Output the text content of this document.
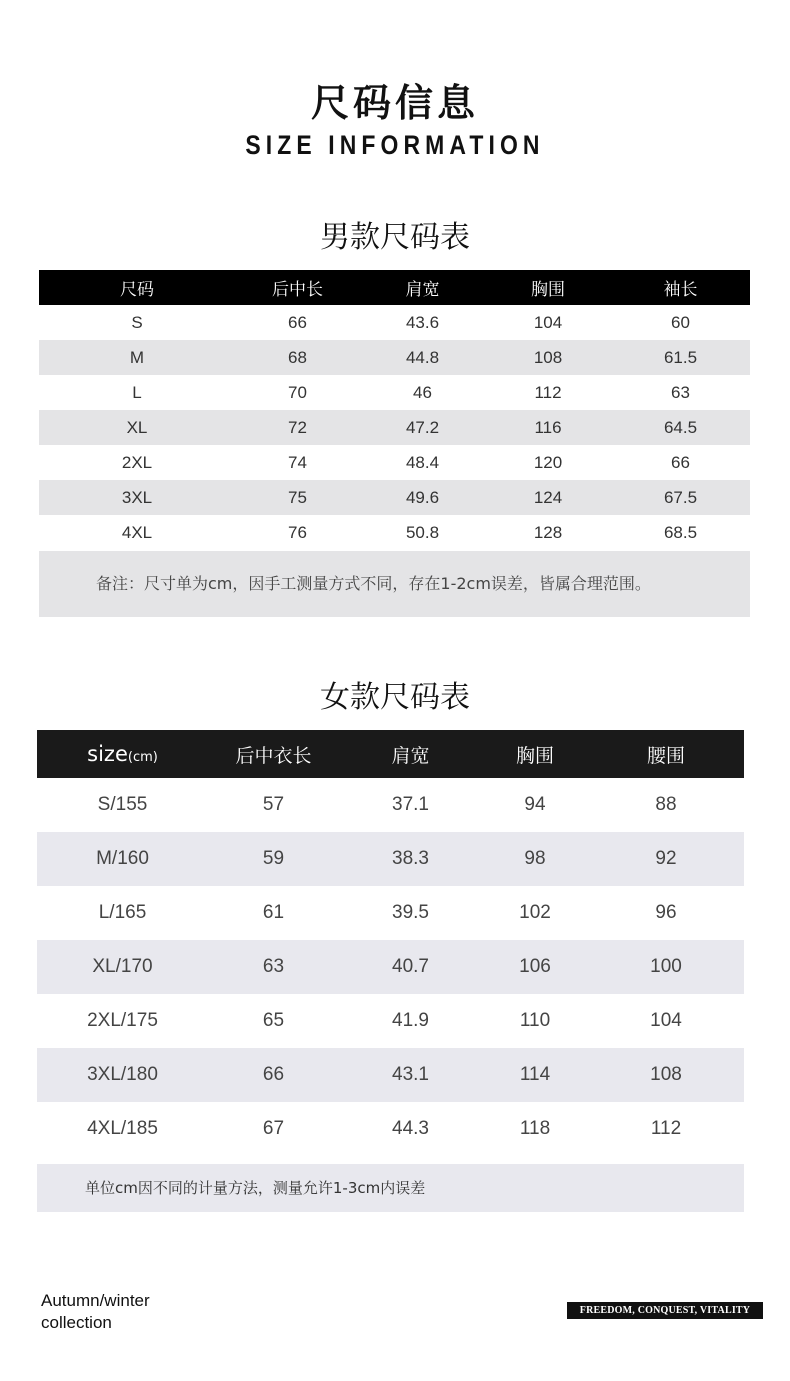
尺码信息
SIZE INFORMATION
男款尺码表
尺码	后中长	肩宽	胸围	袖长
S	66	43.6	104	60
M	68	44.8	108	61.5
L	70	46	112	63
XL	72	47.2	116	64.5
2XL	74	48.4	120	66
3XL	75	49.6	124	67.5
4XL	76	50.8	128	68.5
备注：尺寸单为cm，因手工测量方式不同，存在1-2cm误差，皆属合理范围。
女款尺码表
size(cm)	后中衣长	肩宽	胸围	腰围
S/155	57	37.1	94	88
M/160	59	38.3	98	92
L/165	61	39.5	102	96
XL/170	63	40.7	106	100
2XL/175	65	41.9	110	104
3XL/180	66	43.1	114	108
4XL/185	67	44.3	118	112
单位cm因不同的计量方法，测量允许1-3cm内误差
Autumn/winter
collection
FREEDOM, CONQUEST, VITALITY
